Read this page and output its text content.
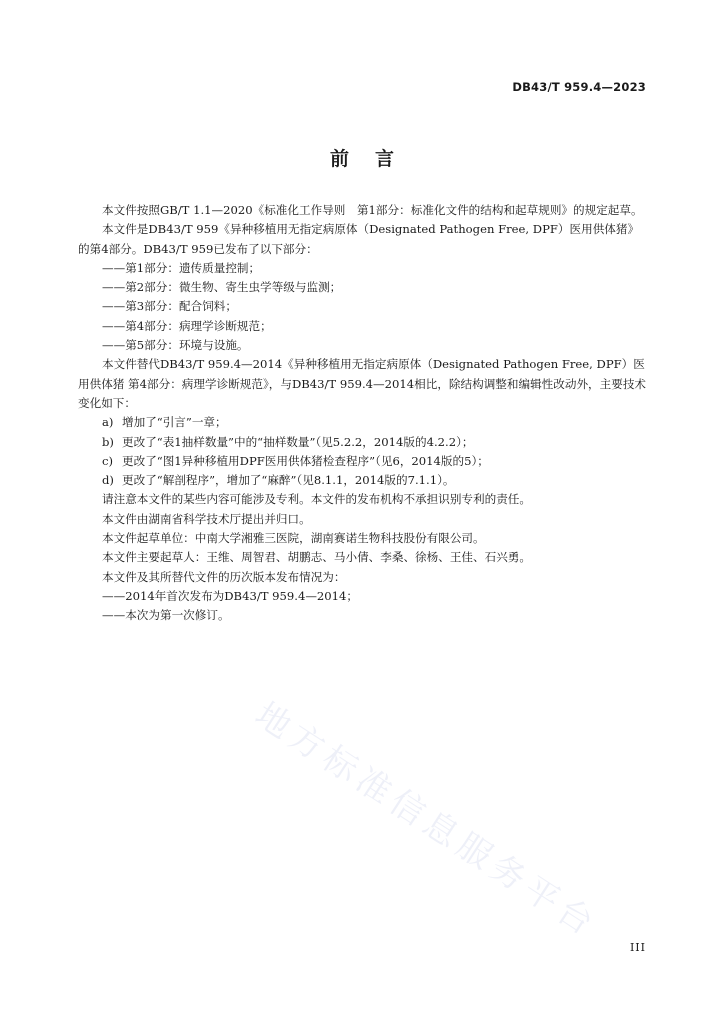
DB43/T 959.4—2023
前言

本文件按照GB/T 1.1—2020《标准化工作导则　第1部分：标准化文件的结构和起草规则》的规定起草。

本文件是DB43/T 959《异种移植用无指定病原体（Designated Pathogen Free, DPF）医用供体猪》的第4部分。DB43/T 959已发布了以下部分：

——第1部分：遗传质量控制；

——第2部分：微生物、寄生虫学等级与监测；

——第3部分：配合饲料；

——第4部分：病理学诊断规范；

——第5部分：环境与设施。

本文件替代DB43/T 959.4—2014《异种移植用无指定病原体（Designated Pathogen Free, DPF）医用供体猪 第4部分：病理学诊断规范》，与DB43/T 959.4—2014相比，除结构调整和编辑性改动外，主要技术变化如下：

a) 增加了“引言”一章；

b) 更改了“表1抽样数量”中的“抽样数量”（见5.2.2，2014版的4.2.2）；

c) 更改了“图1异种移植用DPF医用供体猪检查程序”（见6，2014版的5）；

d) 更改了“解剖程序”，增加了“麻醉”（见8.1.1，2014版的7.1.1）。

请注意本文件的某些内容可能涉及专利。本文件的发布机构不承担识别专利的责任。

本文件由湖南省科学技术厅提出并归口。

本文件起草单位：中南大学湘雅三医院，湖南赛诺生物科技股份有限公司。

本文件主要起草人：王维、周智君、胡鹏志、马小倩、李桑、徐杨、王佳、石兴勇。

本文件及其所替代文件的历次版本发布情况为：

——2014年首次发布为DB43/T 959.4—2014；

——本次为第一次修订。

地方标准信息服务平台
III
